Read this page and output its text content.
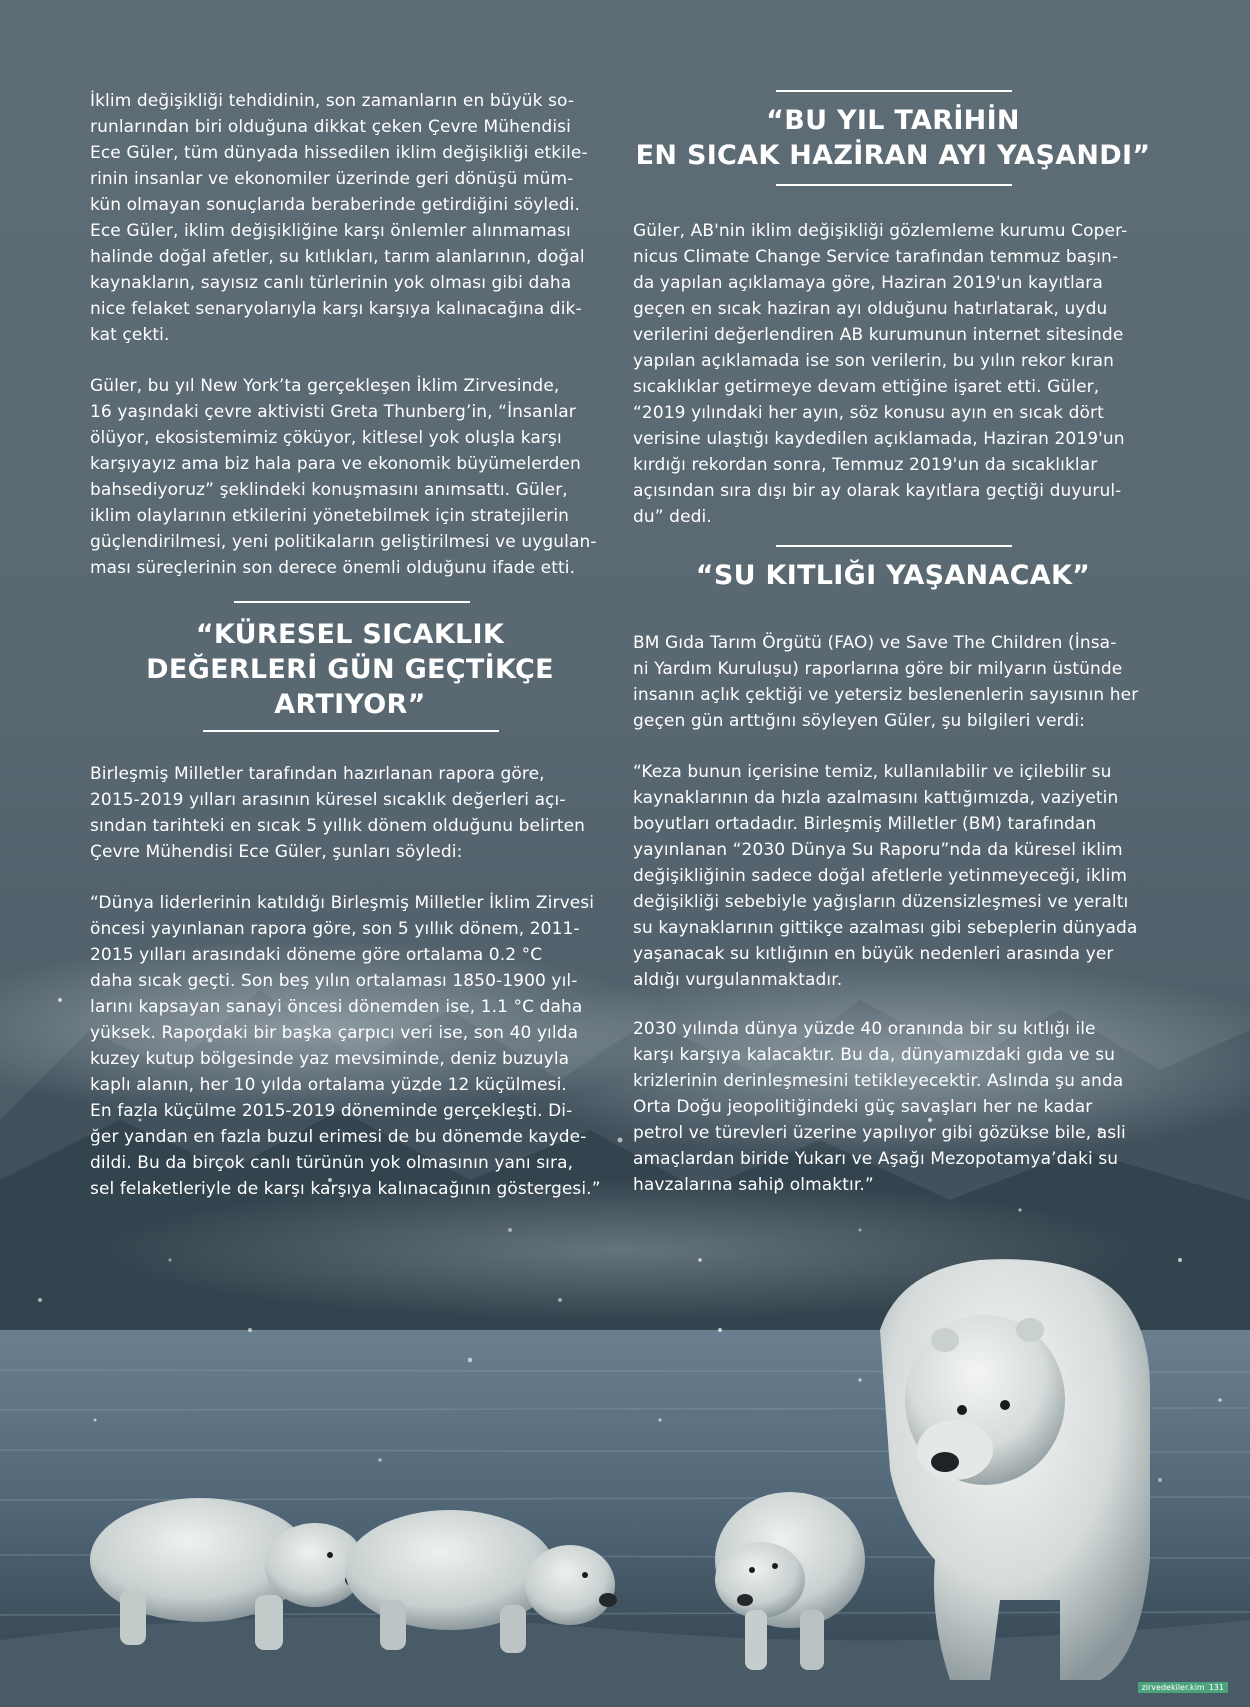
İklim değişikliği tehdidinin, son zamanların en büyük so-
runlarından biri olduğuna dikkat çeken Çevre Mühendisi
Ece Güler, tüm dünyada hissedilen iklim değişikliği etkile-
rinin insanlar ve ekonomiler üzerinde geri dönüşü müm-
kün olmayan sonuçlarıda beraberinde getirdiğini söyledi.
Ece Güler, iklim değişikliğine karşı önlemler alınmaması
halinde doğal afetler, su kıtlıkları, tarım alanlarının, doğal
kaynakların, sayısız canlı türlerinin yok olması gibi daha
nice felaket senaryolarıyla karşı karşıya kalınacağına dik-
kat çekti.

Güler, bu yıl New York’ta gerçekleşen İklim Zirvesinde,
16 yaşındaki çevre aktivisti Greta Thunberg’in, “İnsanlar
ölüyor, ekosistemimiz çöküyor, kitlesel yok oluşla karşı
karşıyayız ama biz hala para ve ekonomik büyümelerden
bahsediyoruz” şeklindeki konuşmasını anımsattı. Güler,
iklim olaylarının etkilerini yönetebilmek için stratejilerin
güçlendirilmesi, yeni politikaların geliştirilmesi ve uygulan-
ması süreçlerinin son derece önemli olduğunu ifade etti.

“KÜRESEL SICAKLIK
DEĞERLERİ GÜN GEÇTİKÇE
ARTIYOR”

Birleşmiş Milletler tarafından hazırlanan rapora göre,
2015-2019 yılları arasının küresel sıcaklık değerleri açı-
sından tarihteki en sıcak 5 yıllık dönem olduğunu belirten
Çevre Mühendisi Ece Güler, şunları söyledi:

“Dünya liderlerinin katıldığı Birleşmiş Milletler İklim Zirvesi
öncesi yayınlanan rapora göre, son 5 yıllık dönem, 2011-
2015 yılları arasındaki döneme göre ortalama 0.2 °C
daha sıcak geçti. Son beş yılın ortalaması 1850-1900 yıl-
larını kapsayan sanayi öncesi dönemden ise, 1.1 °C daha
yüksek. Rapordaki bir başka çarpıcı veri ise, son 40 yılda
kuzey kutup bölgesinde yaz mevsiminde, deniz buzuyla
kaplı alanın, her 10 yılda ortalama yüzde 12 küçülmesi.
En fazla küçülme 2015-2019 döneminde gerçekleşti. Di-
ğer yandan en fazla buzul erimesi de bu dönemde kayde-
dildi. Bu da birçok canlı türünün yok olmasının yanı sıra,
sel felaketleriyle de karşı karşıya kalınacağının göstergesi.”

“BU YIL TARİHİN
EN SICAK HAZİRAN AYI YAŞANDI”

Güler, AB'nin iklim değişikliği gözlemleme kurumu Coper-
nicus Climate Change Service tarafından temmuz başın-
da yapılan açıklamaya göre, Haziran 2019'un kayıtlara
geçen en sıcak haziran ayı olduğunu hatırlatarak, uydu
verilerini değerlendiren AB kurumunun internet sitesinde
yapılan açıklamada ise son verilerin, bu yılın rekor kıran
sıcaklıklar getirmeye devam ettiğine işaret etti. Güler,
“2019 yılındaki her ayın, söz konusu ayın en sıcak dört
verisine ulaştığı kaydedilen açıklamada, Haziran 2019'un
kırdığı rekordan sonra, Temmuz 2019'un da sıcaklıklar
açısından sıra dışı bir ay olarak kayıtlara geçtiği duyurul-
du” dedi.

“SU KITLIĞI YAŞANACAK”

BM Gıda Tarım Örgütü (FAO) ve Save The Children (İnsa-
ni Yardım Kuruluşu) raporlarına göre bir milyarın üstünde
insanın açlık çektiği ve yetersiz beslenenlerin sayısının her
geçen gün arttığını söyleyen Güler, şu bilgileri verdi:

“Keza bunun içerisine temiz, kullanılabilir ve içilebilir su
kaynaklarının da hızla azalmasını kattığımızda, vaziyetin
boyutları ortadadır. Birleşmiş Milletler (BM) tarafından
yayınlanan “2030 Dünya Su Raporu”nda da küresel iklim
değişikliğinin sadece doğal afetlerle yetinmeyeceği, iklim
değişikliği sebebiyle yağışların düzensizleşmesi ve yeraltı
su kaynaklarının gittikçe azalması gibi sebeplerin dünyada
yaşanacak su kıtlığının en büyük nedenleri arasında yer
aldığı vurgulanmaktadır.

2030 yılında dünya yüzde 40 oranında bir su kıtlığı ile
karşı karşıya kalacaktır. Bu da, dünyamızdaki gıda ve su
krizlerinin derinleşmesini tetikleyecektir. Aslında şu anda
Orta Doğu jeopolitiğindeki güç savaşları her ne kadar
petrol ve türevleri üzerine yapılıyor gibi gözükse bile, asli
amaçlardan biride Yukarı ve Aşağı Mezopotamya’daki su
havzalarına sahip olmaktır.”

zirvedekiler.kim 131
